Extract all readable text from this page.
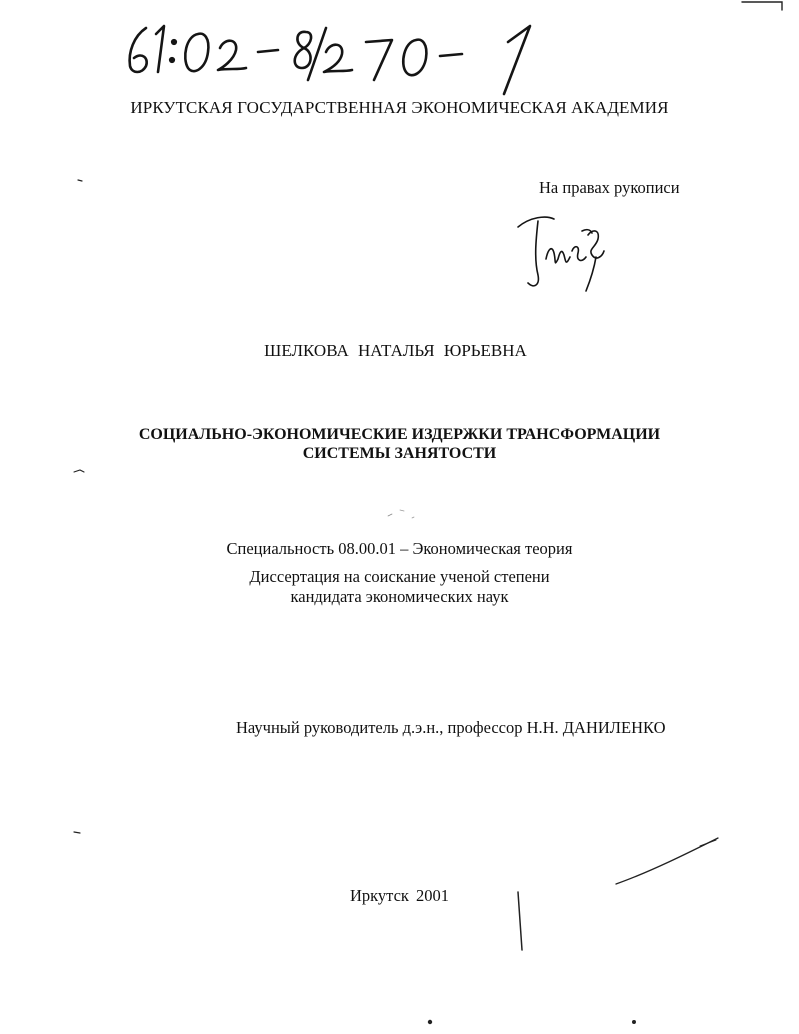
ИРКУТСКАЯ ГОСУДАРСТВЕННАЯ ЭКОНОМИЧЕСКАЯ АКАДЕМИЯ
На правах рукописи
ШЕЛКОВА НАТАЛЬЯ ЮРЬЕВНА
СОЦИАЛЬНО-ЭКОНОМИЧЕСКИЕ ИЗДЕРЖКИ ТРАНСФОРМАЦИИ
СИСТЕМЫ ЗАНЯТОСТИ
Специальность 08.00.01 – Экономическая теория
Диссертация на соискание ученой степени
кандидата экономических наук
Научный руководитель д.э.н., профессор Н.Н. ДАНИЛЕНКО
Иркутск 2001
